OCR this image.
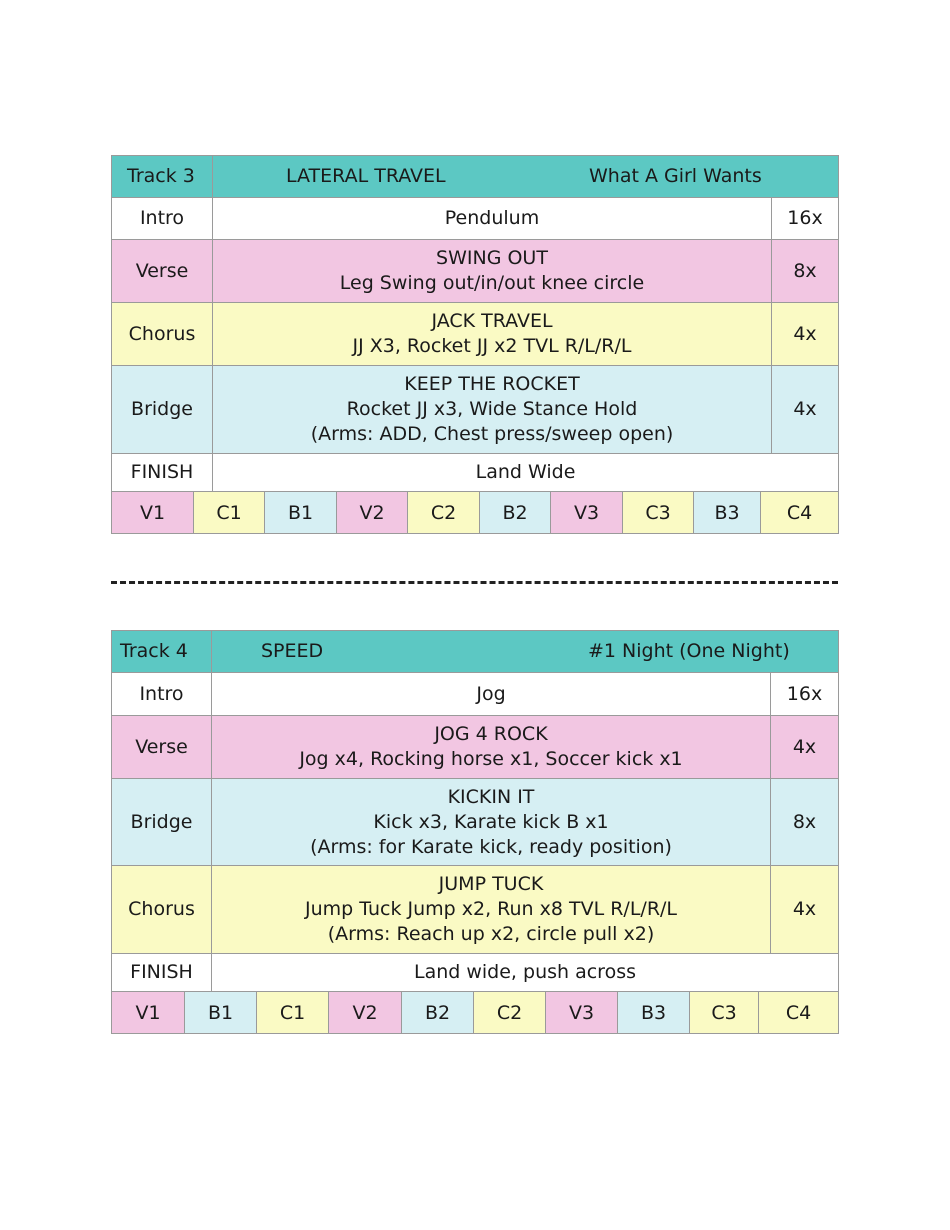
Track 3	LATERAL TRAVEL What A Girl Wants	

Intro	Pendulum	16x
Verse	SWING OUT
Leg Swing out/in/out knee circle	8x
Chorus	JACK TRAVEL
JJ X3, Rocket JJ x2 TVL R/L/R/L	4x
Bridge	KEEP THE ROCKET
Rocket JJ x3, Wide Stance Hold
(Arms: ADD, Chest press/sweep open)	4x
FINISH	Land Wide	
V1	C1	B1	V2	C2	B2	V3	C3	B3	C4
Track 4	SPEED #1 Night (One Night)	

Intro	Jog	16x
Verse	JOG 4 ROCK
Jog x4, Rocking horse x1, Soccer kick x1	4x
Bridge	KICKIN IT
Kick x3, Karate kick B x1
(Arms: for Karate kick, ready position)	8x
Chorus	JUMP TUCK
Jump Tuck Jump x2, Run x8 TVL R/L/R/L
(Arms: Reach up x2, circle pull x2)	4x
FINISH	Land wide, push across	
V1	B1	C1	V2	B2	C2	V3	B3	C3	C4
